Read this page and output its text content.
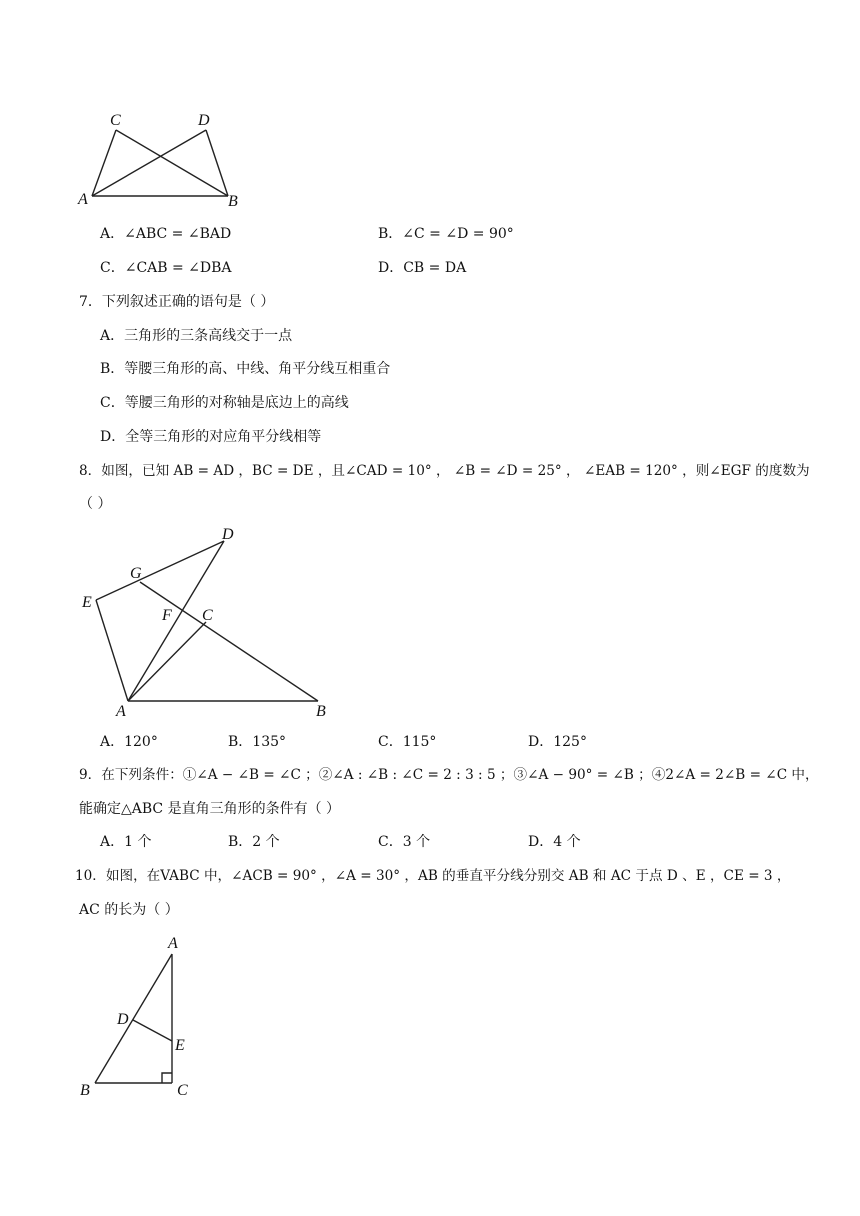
C	D
A	B
A．∠ABC = ∠BAD	B．∠C = ∠D = 90°
C．∠CAB = ∠DBA	D．CB = DA
7．下列叙述正确的语句是（ ）
A．三角形的三条高线交于一点
B．等腰三角形的高、中线、角平分线互相重合
C．等腰三角形的对称轴是底边上的高线
D．全等三角形的对应角平分线相等
8．如图，已知 AB = AD ，BC = DE ，且∠CAD = 10° ， ∠B = ∠D = 25° ， ∠EAB = 120° ，则∠EGF 的度数为
（ ）
D
G
E
F C
A	B
A．120°	B．135°	C．115°	D．125°
9．在下列条件：①∠A − ∠B = ∠C ；②∠A : ∠B : ∠C = 2 : 3 : 5 ；③∠A − 90° = ∠B ；④2∠A = 2∠B = ∠C 中，
能确定△ABC 是直角三角形的条件有（ ）
A．1 个	B．2 个	C．3 个	D．4 个
10．如图，在VABC 中，∠ACB = 90° ，∠A = 30° ，AB 的垂直平分线分别交 AB 和 AC 于点 D 、E ，CE = 3 ，
AC 的长为（ ）
A
D
E
B	C
